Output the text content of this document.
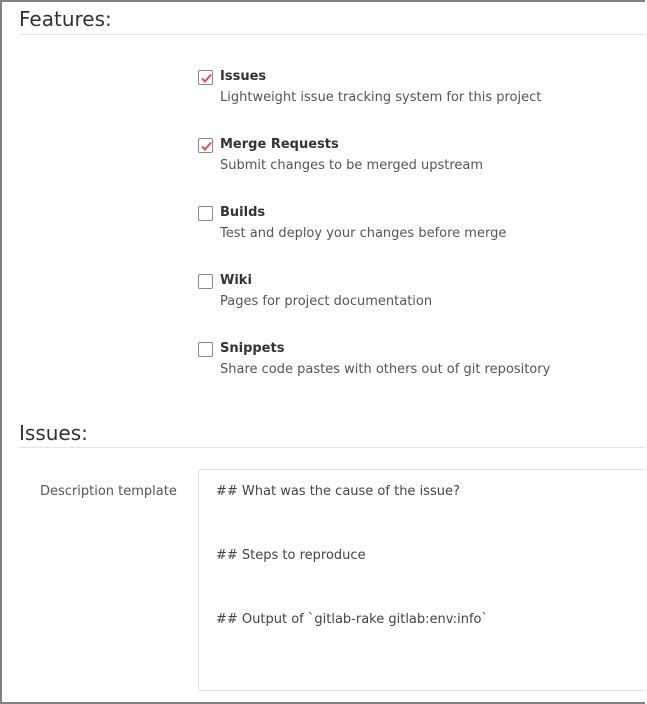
Features:
Issues
Lightweight issue tracking system for this project
Merge Requests
Submit changes to be merged upstream
Builds
Test and deploy your changes before merge
Wiki
Pages for project documentation
Snippets
Share code pastes with others out of git repository
Issues:
Description template	## What was the cause of the issue?
## Steps to reproduce
## Output of `gitlab-rake gitlab:env:info`
